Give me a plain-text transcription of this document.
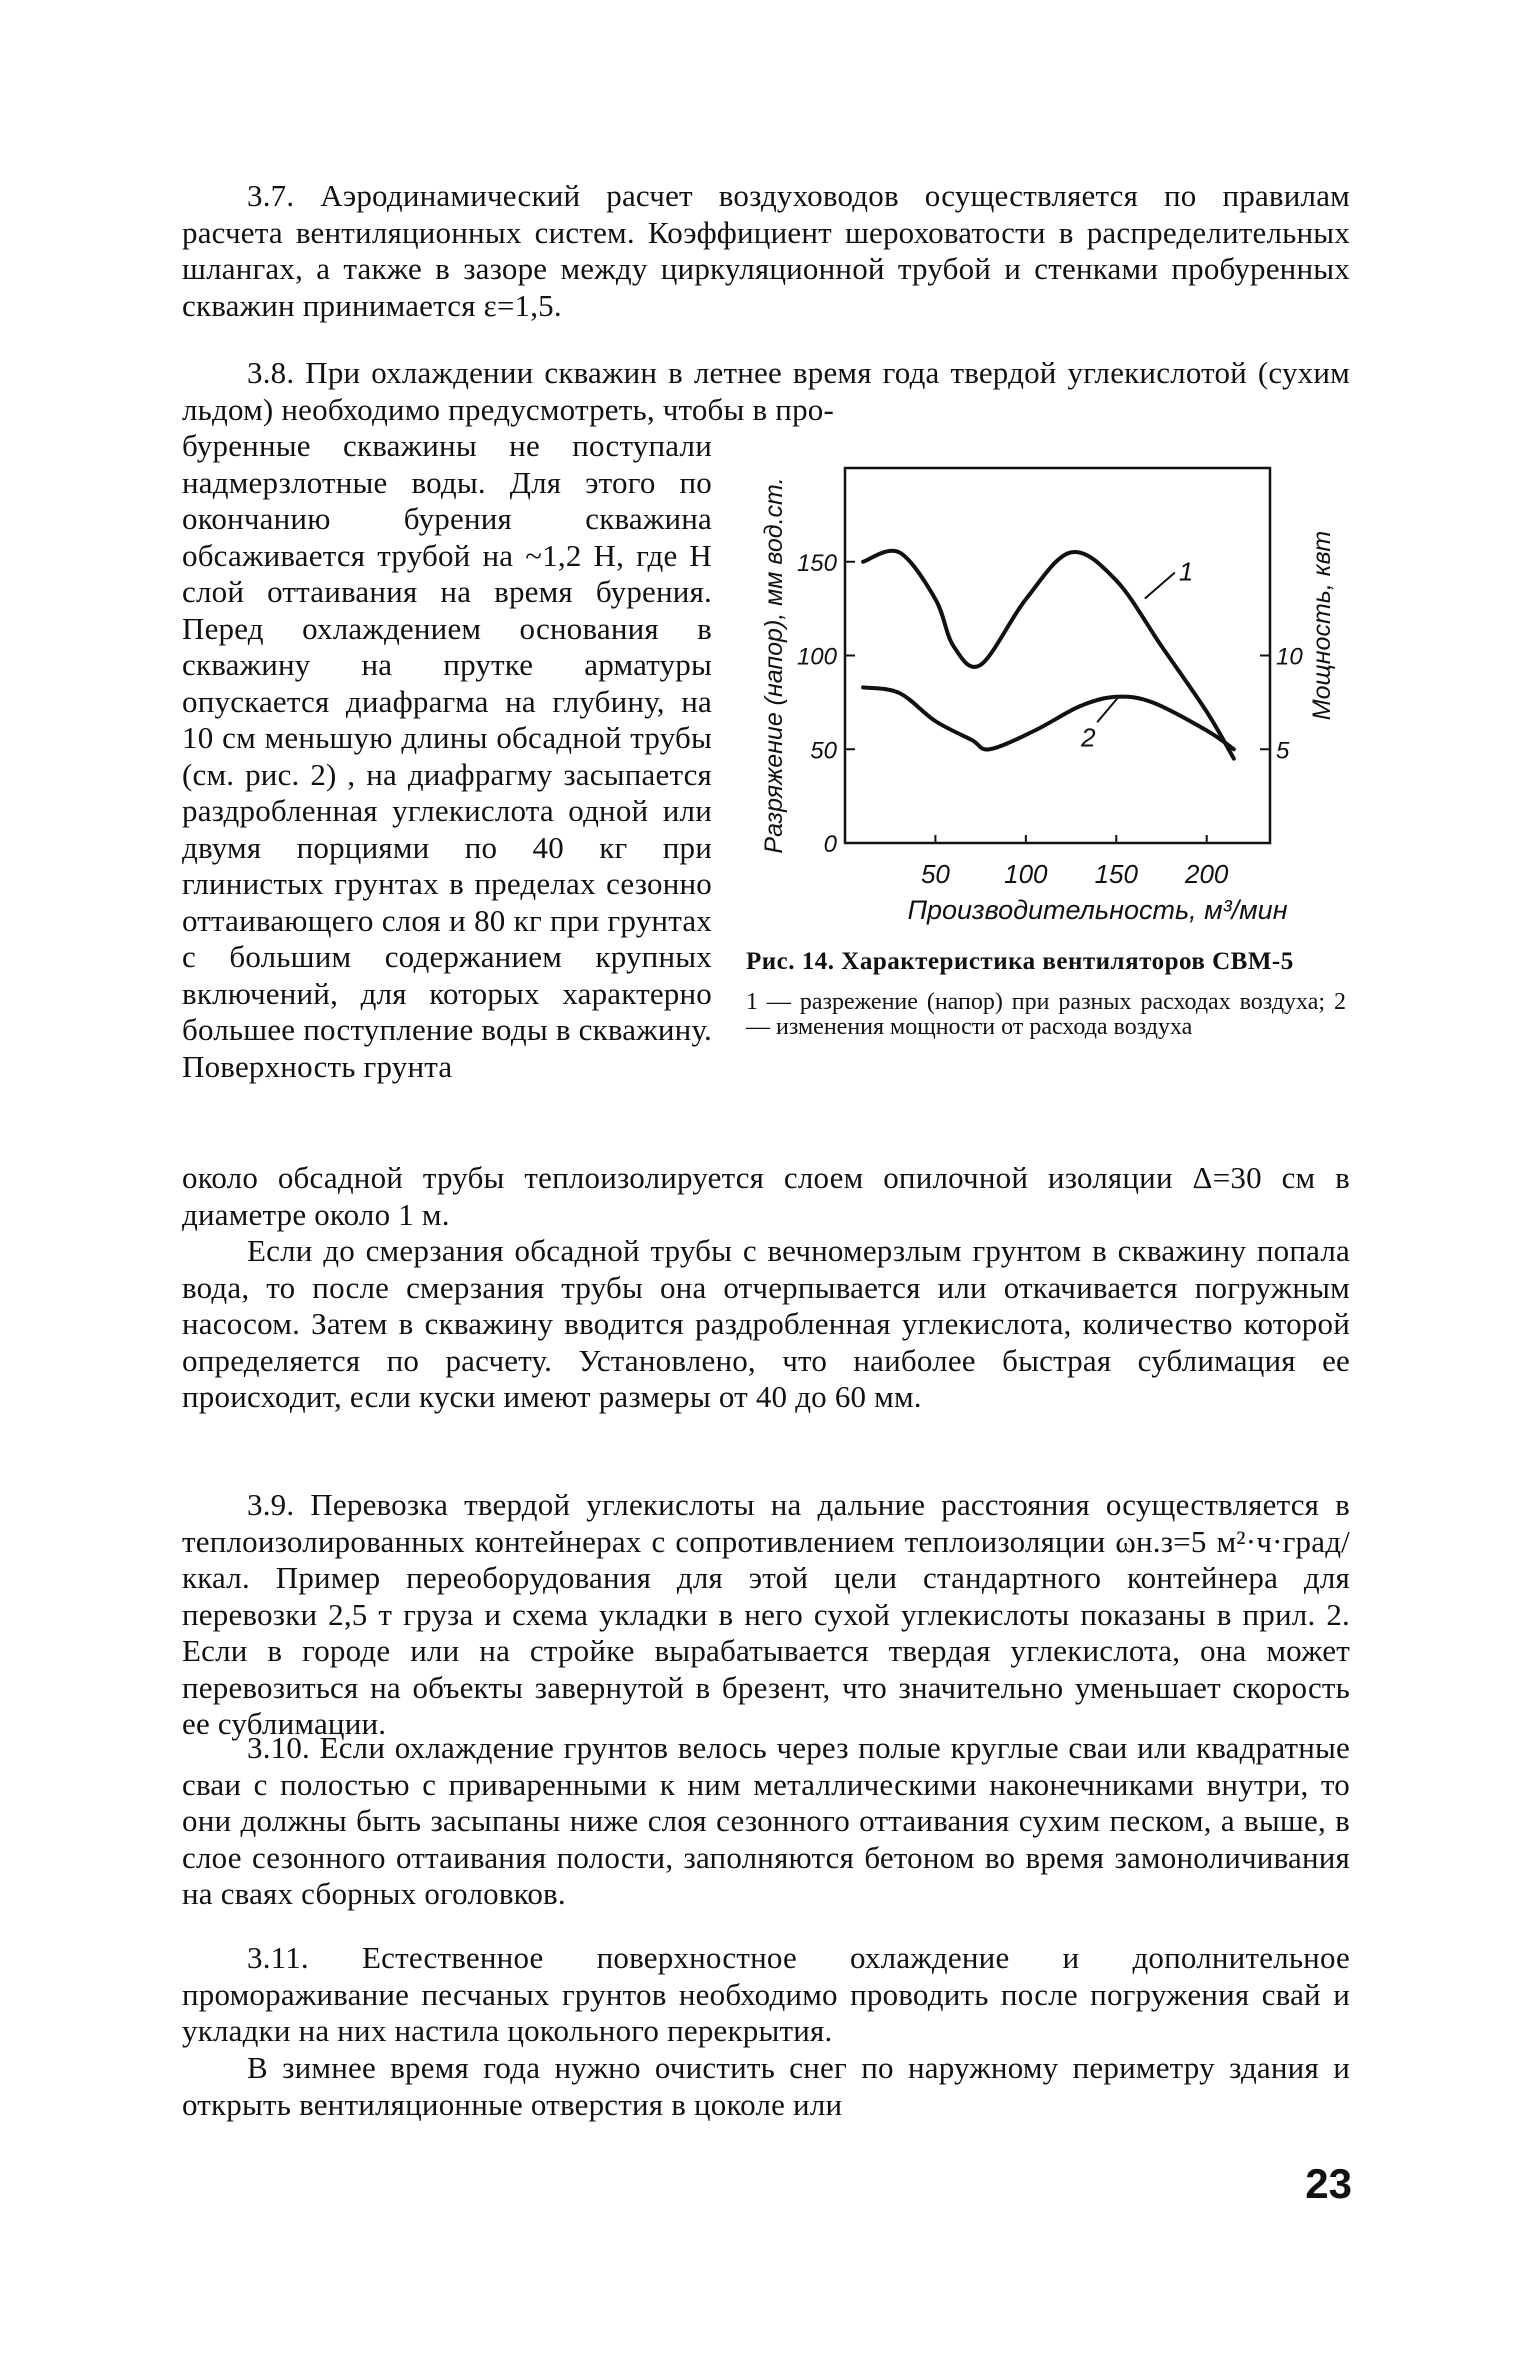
3.7. Аэродинамический расчет воздуховодов осуществляется по правилам расчета вентиляционных систем. Коэффициент шероховатости в распределительных шлангах, а также в зазоре между циркуляционной трубой и стенками пробуренных скважин принимается ε=1,5.

3.8. При охлаждении скважин в летнее время года твердой углекислотой (сухим льдом) необходимо предусмотреть, чтобы в про-

буренные скважины не поступали надмерзлотные воды. Для этого по окончанию бурения скважина обсаживается трубой на ~1,2 H, где H слой оттаивания на время бурения. Перед охлаждением основания в скважину на прутке арматуры опускается диафрагма на глубину, на 10 см меньшую длины обсадной трубы (см. рис. 2) , на диафрагму засыпается раздробленная углекислота одной или двумя порциями по 40 кг при глинистых грунтах в пределах сезонно оттаивающего слоя и 80 кг при грунтах с большим содержанием крупных включений, для которых характерно большее поступление воды в скважину. Поверхность грунта

около обсадной трубы теплоизолируется слоем опилочной изоляции Δ=30 см в диаметре около 1 м.

Если до смерзания обсадной трубы с вечномерзлым грунтом в скважину попала вода, то после смерзания трубы она отчерпывается или откачивается погружным насосом. Затем в скважину вводится раздробленная углекислота, количество которой определяется по расчету. Установлено, что наиболее быстрая сублимация ее происходит, если куски имеют размеры от 40 до 60 мм.

3.9. Перевозка твердой углекислоты на дальние расстояния осуществляется в теплоизолированных контейнерах с сопротивлением теплоизоляции ωн.з=5 м²·ч·град/ккал. Пример переоборудования для этой цели стандартного контейнера для перевозки 2,5 т груза и схема укладки в него сухой углекислоты показаны в прил. 2. Если в городе или на стройке вырабатывается твердая углекислота, она может перевозиться на объекты завернутой в брезент, что значительно уменьшает скорость ее сублимации.

3.10. Если охлаждение грунтов велось через полые круглые сваи или квадратные сваи с полостью с приваренными к ним металлическими наконечниками внутри, то они должны быть засыпаны ниже слоя сезонного оттаивания сухим песком, а выше, в слое сезонного оттаивания полости, заполняются бетоном во время замоноличивания на сваях сборных оголовков.

3.11. Естественное поверхностное охлаждение и дополнительное промораживание песчаных грунтов необходимо проводить после погружения свай и укладки на них настила цокольного перекрытия.

В зимнее время года нужно очистить снег по наружному периметру здания и открыть вентиляционные отверстия в цоколе или

0
50
100
150
5
10
50 100 150 200
Производительность, м³/мин
Разряжение (напор), мм вод.ст.	Мощность, квт
1
2
Рис. 14. Характеристика вентиляторов СВМ-5
1 — разрежение (напор) при разных расходах воздуха; 2 — изменения мощности от расхода воздуха
23
